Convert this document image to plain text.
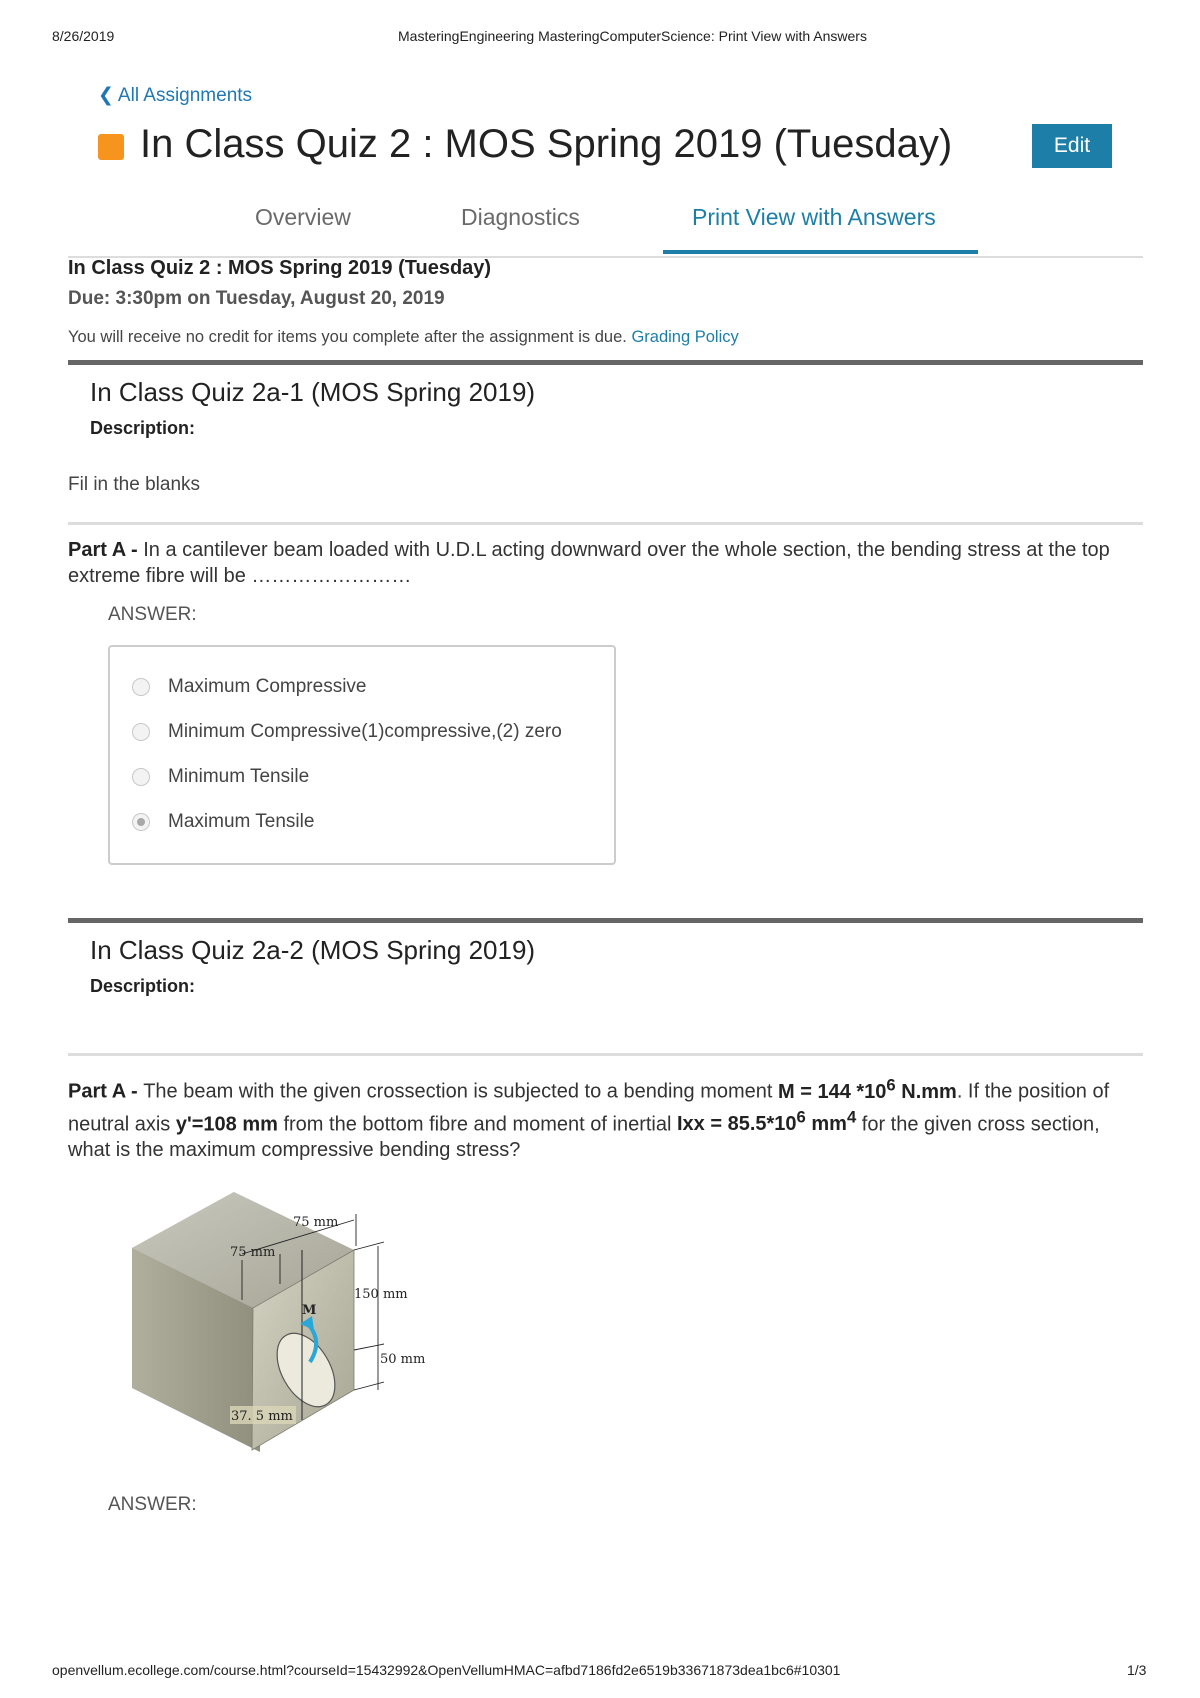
8/26/2019	MasteringEngineering MasteringComputerScience: Print View with Answers
❮ All Assignments
In Class Quiz 2 : MOS Spring 2019 (Tuesday)	Edit
Overview	Diagnostics	Print View with Answers
In Class Quiz 2 : MOS Spring 2019 (Tuesday)
Due: 3:30pm on Tuesday, August 20, 2019
You will receive no credit for items you complete after the assignment is due. Grading Policy
In Class Quiz 2a-1 (MOS Spring 2019)
Description:
Fil in the blanks
Part A - In a cantilever beam loaded with U.D.L acting downward over the whole section, the bending stress at the top extreme fibre will be ……………………
ANSWER:
Maximum Compressive
Minimum Compressive(1)compressive,(2) zero
Minimum Tensile
Maximum Tensile
In Class Quiz 2a-2 (MOS Spring 2019)
Description:
Part A - The beam with the given crossection is subjected to a bending moment M = 144 $*10^6$ N.mm. If the position of neutral axis y'=108 mm from the bottom fibre and moment of inertial Ixx = $85.5*10^6$ $mm^4$ for the given cross section, what is the maximum compressive bending stress?
M
75 mm
75 mm
150 mm
50 mm
37. 5 mm
ANSWER:
openvellum.ecollege.com/course.html?courseId=15432992&OpenVellumHMAC=afbd7186fd2e6519b33671873dea1bc6#10301	1/3
